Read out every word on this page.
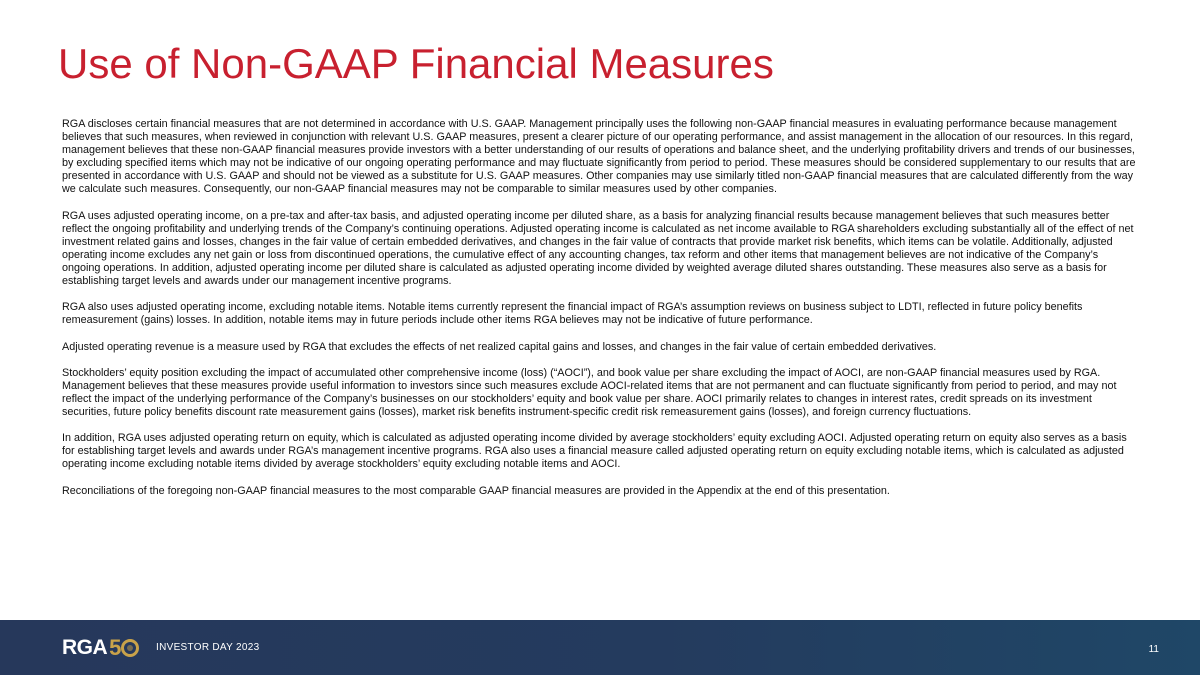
Use of Non-GAAP Financial Measures

RGA discloses certain financial measures that are not determined in accordance with U.S. GAAP. Management principally uses the following non-GAAP financial measures in evaluating performance because management believes that such measures, when reviewed in conjunction with relevant U.S. GAAP measures, present a clearer picture of our operating performance, and assist management in the allocation of our resources. In this regard, management believes that these non-GAAP financial measures provide investors with a better understanding of our results of operations and balance sheet, and the underlying profitability drivers and trends of our businesses, by excluding specified items which may not be indicative of our ongoing operating performance and may fluctuate significantly from period to period. These measures should be considered supplementary to our results that are presented in accordance with U.S. GAAP and should not be viewed as a substitute for U.S. GAAP measures. Other companies may use similarly titled non-GAAP financial measures that are calculated differently from the way we calculate such measures. Consequently, our non-GAAP financial measures may not be comparable to similar measures used by other companies.

RGA uses adjusted operating income, on a pre-tax and after-tax basis, and adjusted operating income per diluted share, as a basis for analyzing financial results because management believes that such measures better reflect the ongoing profitability and underlying trends of the Company’s continuing operations. Adjusted operating income is calculated as net income available to RGA shareholders excluding substantially all of the effect of net investment related gains and losses, changes in the fair value of certain embedded derivatives, and changes in the fair value of contracts that provide market risk benefits, which items can be volatile. Additionally, adjusted operating income excludes any net gain or loss from discontinued operations, the cumulative effect of any accounting changes, tax reform and other items that management believes are not indicative of the Company’s ongoing operations. In addition, adjusted operating income per diluted share is calculated as adjusted operating income divided by weighted average diluted shares outstanding. These measures also serve as a basis for establishing target levels and awards under our management incentive programs.

RGA also uses adjusted operating income, excluding notable items. Notable items currently represent the financial impact of RGA’s assumption reviews on business subject to LDTI, reflected in future policy benefits remeasurement (gains) losses. In addition, notable items may in future periods include other items RGA believes may not be indicative of future performance.

Adjusted operating revenue is a measure used by RGA that excludes the effects of net realized capital gains and losses, and changes in the fair value of certain embedded derivatives.

Stockholders’ equity position excluding the impact of accumulated other comprehensive income (loss) (“AOCI”), and book value per share excluding the impact of AOCI, are non-GAAP financial measures used by RGA. Management believes that these measures provide useful information to investors since such measures exclude AOCI-related items that are not permanent and can fluctuate significantly from period to period, and may not reflect the impact of the underlying performance of the Company’s businesses on our stockholders’ equity and book value per share. AOCI primarily relates to changes in interest rates, credit spreads on its investment securities, future policy benefits discount rate measurement gains (losses), market risk benefits instrument-specific credit risk remeasurement gains (losses), and foreign currency fluctuations.

In addition, RGA uses adjusted operating return on equity, which is calculated as adjusted operating income divided by average stockholders’ equity excluding AOCI. Adjusted operating return on equity also serves as a basis for establishing target levels and awards under RGA’s management incentive programs. RGA also uses a financial measure called adjusted operating return on equity excluding notable items, which is calculated as adjusted operating income excluding notable items divided by average stockholders’ equity excluding notable items and AOCI.

Reconciliations of the foregoing non-GAAP financial measures to the most comparable GAAP financial measures are provided in the Appendix at the end of this presentation.

RGA 5	INVESTOR DAY 2023	11
